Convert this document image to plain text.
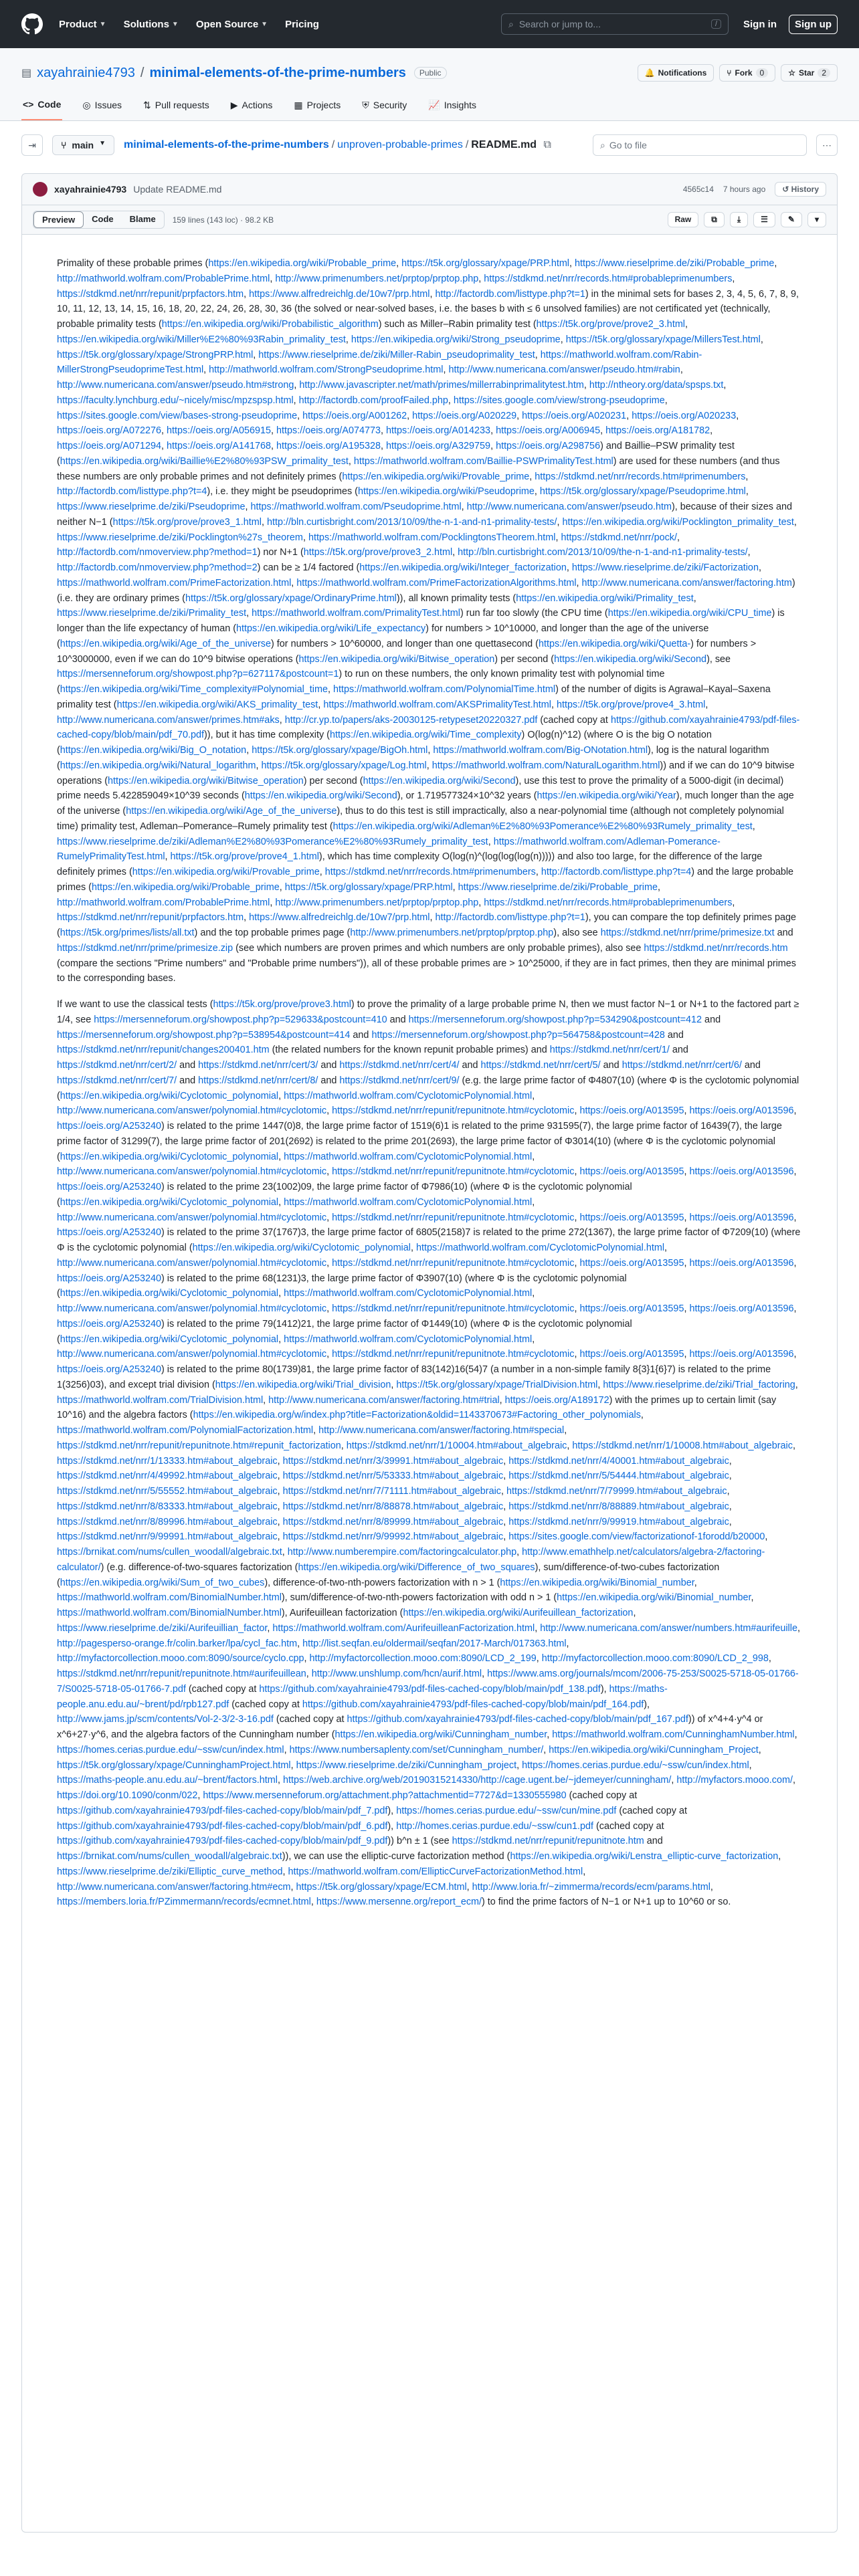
Product ▼ Solutions ▼ Open Source ▼ Pricing	⌕ Search or jump to...	/	Sign in	Sign up
▤ xayahrainie4793 / minimal-elements-of-the-prime-numbers	Public	🔔 Notifications	⑂ Fork 0	☆ Star 2
<> Code ◎ Issues ⇅ Pull requests ▶ Actions ▦ Projects ⛨ Security 📈 Insights
⇥	⑂ main ▼ minimal-elements-of-the-prime-numbers / unproven-probable-primes / README.md ⧉	⌕ Go to file	⋯
xayahrainie4793 Update README.md	4565c14 7 hours ago	↺ History
Preview	Code	Blame	159 lines (143 loc) · 98.2 KB	Raw	⧉	⤓	☰	✎	▾

Primality of these probable primes (https://en.wikipedia.org/wiki/Probable_prime, https://t5k.org/glossary/xpage/PRP.html, https://www.rieselprime.de/ziki/Probable_prime, http://mathworld.wolfram.com/ProbablePrime.html, http://www.primenumbers.net/prptop/prptop.php, https://stdkmd.net/nrr/records.htm#probableprimenumbers, https://stdkmd.net/nrr/repunit/prpfactors.htm, https://www.alfredreichlg.de/10w7/prp.html, http://factordb.com/listtype.php?t=1) in the minimal sets for bases 2, 3, 4, 5, 6, 7, 8, 9, 10, 11, 12, 13, 14, 15, 16, 18, 20, 22, 24, 26, 28, 30, 36 (the solved or near-solved bases, i.e. the bases b with ≤ 6 unsolved families) are not certificated yet (technically, probable primality tests (https://en.wikipedia.org/wiki/Probabilistic_algorithm) such as Miller–Rabin primality test (https://t5k.org/prove/prove2_3.html, https://en.wikipedia.org/wiki/Miller%E2%80%93Rabin_primality_test, https://en.wikipedia.org/wiki/Strong_pseudoprime, https://t5k.org/glossary/xpage/MillersTest.html, https://t5k.org/glossary/xpage/StrongPRP.html, https://www.rieselprime.de/ziki/Miller-Rabin_pseudoprimality_test, https://mathworld.wolfram.com/Rabin-MillerStrongPseudoprimeTest.html, http://mathworld.wolfram.com/StrongPseudoprime.html, http://www.numericana.com/answer/pseudo.htm#rabin, http://www.numericana.com/answer/pseudo.htm#strong, http://www.javascripter.net/math/primes/millerrabinprimalitytest.htm, http://ntheory.org/data/spsps.txt, https://faculty.lynchburg.edu/~nicely/misc/mpzspsp.html, http://factordb.com/proofFailed.php, https://sites.google.com/view/strong-pseudoprime, https://sites.google.com/view/bases-strong-pseudoprime, https://oeis.org/A001262, https://oeis.org/A020229, https://oeis.org/A020231, https://oeis.org/A020233, https://oeis.org/A072276, https://oeis.org/A056915, https://oeis.org/A074773, https://oeis.org/A014233, https://oeis.org/A006945, https://oeis.org/A181782, https://oeis.org/A071294, https://oeis.org/A141768, https://oeis.org/A195328, https://oeis.org/A329759, https://oeis.org/A298756) and Baillie–PSW primality test (https://en.wikipedia.org/wiki/Baillie%E2%80%93PSW_primality_test, https://mathworld.wolfram.com/Baillie-PSWPrimalityTest.html) are used for these numbers (and thus these numbers are only probable primes and not definitely primes (https://en.wikipedia.org/wiki/Provable_prime, https://stdkmd.net/nrr/records.htm#primenumbers, http://factordb.com/listtype.php?t=4), i.e. they might be pseudoprimes (https://en.wikipedia.org/wiki/Pseudoprime, https://t5k.org/glossary/xpage/Pseudoprime.html, https://www.rieselprime.de/ziki/Pseudoprime, https://mathworld.wolfram.com/Pseudoprime.html, http://www.numericana.com/answer/pseudo.htm), because of their sizes and neither N−1 (https://t5k.org/prove/prove3_1.html, http://bln.curtisbright.com/2013/10/09/the-n-1-and-n1-primality-tests/, https://en.wikipedia.org/wiki/Pocklington_primality_test, https://www.rieselprime.de/ziki/Pocklington%27s_theorem, https://mathworld.wolfram.com/PocklingtonsTheorem.html, https://stdkmd.net/nrr/pock/, http://factordb.com/nmoverview.php?method=1) nor N+1 (https://t5k.org/prove/prove3_2.html, http://bln.curtisbright.com/2013/10/09/the-n-1-and-n1-primality-tests/, http://factordb.com/nmoverview.php?method=2) can be ≥ 1/4 factored (https://en.wikipedia.org/wiki/Integer_factorization, https://www.rieselprime.de/ziki/Factorization, https://mathworld.wolfram.com/PrimeFactorization.html, https://mathworld.wolfram.com/PrimeFactorizationAlgorithms.html, http://www.numericana.com/answer/factoring.htm) (i.e. they are ordinary primes (https://t5k.org/glossary/xpage/OrdinaryPrime.html)), all known primality tests (https://en.wikipedia.org/wiki/Primality_test, https://www.rieselprime.de/ziki/Primality_test, https://mathworld.wolfram.com/PrimalityTest.html) run far too slowly (the CPU time (https://en.wikipedia.org/wiki/CPU_time) is longer than the life expectancy of human (https://en.wikipedia.org/wiki/Life_expectancy) for numbers > 10^10000, and longer than the age of the universe (https://en.wikipedia.org/wiki/Age_of_the_universe) for numbers > 10^60000, and longer than one quettasecond (https://en.wikipedia.org/wiki/Quetta-) for numbers > 10^3000000, even if we can do 10^9 bitwise operations (https://en.wikipedia.org/wiki/Bitwise_operation) per second (https://en.wikipedia.org/wiki/Second), see https://mersenneforum.org/showpost.php?p=627117&postcount=1) to run on these numbers, the only known primality test with polynomial time (https://en.wikipedia.org/wiki/Time_complexity#Polynomial_time, https://mathworld.wolfram.com/PolynomialTime.html) of the number of digits is Agrawal–Kayal–Saxena primality test (https://en.wikipedia.org/wiki/AKS_primality_test, https://mathworld.wolfram.com/AKSPrimalityTest.html, https://t5k.org/prove/prove4_3.html, http://www.numericana.com/answer/primes.htm#aks, http://cr.yp.to/papers/aks-20030125-retypeset20220327.pdf (cached copy at https://github.com/xayahrainie4793/pdf-files-cached-copy/blob/main/pdf_70.pdf)), but it has time complexity (https://en.wikipedia.org/wiki/Time_complexity) O(log(n)^12) (where O is the big O notation (https://en.wikipedia.org/wiki/Big_O_notation, https://t5k.org/glossary/xpage/BigOh.html, https://mathworld.wolfram.com/Big-ONotation.html), log is the natural logarithm (https://en.wikipedia.org/wiki/Natural_logarithm, https://t5k.org/glossary/xpage/Log.html, https://mathworld.wolfram.com/NaturalLogarithm.html)) and if we can do 10^9 bitwise operations (https://en.wikipedia.org/wiki/Bitwise_operation) per second (https://en.wikipedia.org/wiki/Second), use this test to prove the primality of a 5000-digit (in decimal) prime needs 5.422859049×10^39 seconds (https://en.wikipedia.org/wiki/Second), or 1.719577324×10^32 years (https://en.wikipedia.org/wiki/Year), much longer than the age of the universe (https://en.wikipedia.org/wiki/Age_of_the_universe), thus to do this test is still impractically, also a near-polynomial time (although not completely polynomial time) primality test, Adleman–Pomerance–Rumely primality test (https://en.wikipedia.org/wiki/Adleman%E2%80%93Pomerance%E2%80%93Rumely_primality_test, https://www.rieselprime.de/ziki/Adleman%E2%80%93Pomerance%E2%80%93Rumely_primality_test, https://mathworld.wolfram.com/Adleman-Pomerance-RumelyPrimalityTest.html, https://t5k.org/prove/prove4_1.html), which has time complexity O(log(n)^(log(log(log(n))))) and also too large, for the difference of the large definitely primes (https://en.wikipedia.org/wiki/Provable_prime, https://stdkmd.net/nrr/records.htm#primenumbers, http://factordb.com/listtype.php?t=4) and the large probable primes (https://en.wikipedia.org/wiki/Probable_prime, https://t5k.org/glossary/xpage/PRP.html, https://www.rieselprime.de/ziki/Probable_prime, http://mathworld.wolfram.com/ProbablePrime.html, http://www.primenumbers.net/prptop/prptop.php, https://stdkmd.net/nrr/records.htm#probableprimenumbers, https://stdkmd.net/nrr/repunit/prpfactors.htm, https://www.alfredreichlg.de/10w7/prp.html, http://factordb.com/listtype.php?t=1), you can compare the top definitely primes page (https://t5k.org/primes/lists/all.txt) and the top probable primes page (http://www.primenumbers.net/prptop/prptop.php), also see https://stdkmd.net/nrr/prime/primesize.txt and https://stdkmd.net/nrr/prime/primesize.zip (see which numbers are proven primes and which numbers are only probable primes), also see https://stdkmd.net/nrr/records.htm (compare the sections "Prime numbers" and "Probable prime numbers")), all of these probable primes are > 10^25000, if they are in fact primes, then they are minimal primes to the corresponding bases.

If we want to use the classical tests (https://t5k.org/prove/prove3.html) to prove the primality of a large probable prime N, then we must factor N−1 or N+1 to the factored part ≥ 1/4, see https://mersenneforum.org/showpost.php?p=529633&postcount=410 and https://mersenneforum.org/showpost.php?p=534290&postcount=412 and https://mersenneforum.org/showpost.php?p=538954&postcount=414 and https://mersenneforum.org/showpost.php?p=564758&postcount=428 and https://stdkmd.net/nrr/repunit/changes200401.htm (the related numbers for the known repunit probable primes) and https://stdkmd.net/nrr/cert/1/ and https://stdkmd.net/nrr/cert/2/ and https://stdkmd.net/nrr/cert/3/ and https://stdkmd.net/nrr/cert/4/ and https://stdkmd.net/nrr/cert/5/ and https://stdkmd.net/nrr/cert/6/ and https://stdkmd.net/nrr/cert/7/ and https://stdkmd.net/nrr/cert/8/ and https://stdkmd.net/nrr/cert/9/ (e.g. the large prime factor of Φ4807(10) (where Φ is the cyclotomic polynomial (https://en.wikipedia.org/wiki/Cyclotomic_polynomial, https://mathworld.wolfram.com/CyclotomicPolynomial.html, http://www.numericana.com/answer/polynomial.htm#cyclotomic, https://stdkmd.net/nrr/repunit/repunitnote.htm#cyclotomic, https://oeis.org/A013595, https://oeis.org/A013596, https://oeis.org/A253240) is related to the prime 1447(0)8, the large prime factor of 1519(6)1 is related to the prime 931595(7), the large prime factor of 16439(7), the large prime factor of 31299(7), the large prime factor of 201(2692) is related to the prime 201(2693), the large prime factor of Φ3014(10) (where Φ is the cyclotomic polynomial (https://en.wikipedia.org/wiki/Cyclotomic_polynomial, https://mathworld.wolfram.com/CyclotomicPolynomial.html, http://www.numericana.com/answer/polynomial.htm#cyclotomic, https://stdkmd.net/nrr/repunit/repunitnote.htm#cyclotomic, https://oeis.org/A013595, https://oeis.org/A013596, https://oeis.org/A253240) is related to the prime 23(1002)09, the large prime factor of Φ7986(10) (where Φ is the cyclotomic polynomial (https://en.wikipedia.org/wiki/Cyclotomic_polynomial, https://mathworld.wolfram.com/CyclotomicPolynomial.html, http://www.numericana.com/answer/polynomial.htm#cyclotomic, https://stdkmd.net/nrr/repunit/repunitnote.htm#cyclotomic, https://oeis.org/A013595, https://oeis.org/A013596, https://oeis.org/A253240) is related to the prime 37(1767)3, the large prime factor of 6805(2158)7 is related to the prime 272(1367), the large prime factor of Φ7209(10) (where Φ is the cyclotomic polynomial (https://en.wikipedia.org/wiki/Cyclotomic_polynomial, https://mathworld.wolfram.com/CyclotomicPolynomial.html, http://www.numericana.com/answer/polynomial.htm#cyclotomic, https://stdkmd.net/nrr/repunit/repunitnote.htm#cyclotomic, https://oeis.org/A013595, https://oeis.org/A013596, https://oeis.org/A253240) is related to the prime 68(1231)3, the large prime factor of Φ3907(10) (where Φ is the cyclotomic polynomial (https://en.wikipedia.org/wiki/Cyclotomic_polynomial, https://mathworld.wolfram.com/CyclotomicPolynomial.html, http://www.numericana.com/answer/polynomial.htm#cyclotomic, https://stdkmd.net/nrr/repunit/repunitnote.htm#cyclotomic, https://oeis.org/A013595, https://oeis.org/A013596, https://oeis.org/A253240) is related to the prime 79(1412)21, the large prime factor of Φ1449(10) (where Φ is the cyclotomic polynomial (https://en.wikipedia.org/wiki/Cyclotomic_polynomial, https://mathworld.wolfram.com/CyclotomicPolynomial.html, http://www.numericana.com/answer/polynomial.htm#cyclotomic, https://stdkmd.net/nrr/repunit/repunitnote.htm#cyclotomic, https://oeis.org/A013595, https://oeis.org/A013596, https://oeis.org/A253240) is related to the prime 80(1739)81, the large prime factor of 83(142)16(54)7 (a number in a non-simple family 8{3}1{6}7) is related to the prime 1(3256)03), and except trial division (https://en.wikipedia.org/wiki/Trial_division, https://t5k.org/glossary/xpage/TrialDivision.html, https://www.rieselprime.de/ziki/Trial_factoring, https://mathworld.wolfram.com/TrialDivision.html, http://www.numericana.com/answer/factoring.htm#trial, https://oeis.org/A189172) with the primes up to certain limit (say 10^16) and the algebra factors (https://en.wikipedia.org/w/index.php?title=Factorization&oldid=1143370673#Factoring_other_polynomials, https://mathworld.wolfram.com/PolynomialFactorization.html, http://www.numericana.com/answer/factoring.htm#special, https://stdkmd.net/nrr/repunit/repunitnote.htm#repunit_factorization, https://stdkmd.net/nrr/1/10004.htm#about_algebraic, https://stdkmd.net/nrr/1/10008.htm#about_algebraic, https://stdkmd.net/nrr/1/13333.htm#about_algebraic, https://stdkmd.net/nrr/3/39991.htm#about_algebraic, https://stdkmd.net/nrr/4/40001.htm#about_algebraic, https://stdkmd.net/nrr/4/49992.htm#about_algebraic, https://stdkmd.net/nrr/5/53333.htm#about_algebraic, https://stdkmd.net/nrr/5/54444.htm#about_algebraic, https://stdkmd.net/nrr/5/55552.htm#about_algebraic, https://stdkmd.net/nrr/7/71111.htm#about_algebraic, https://stdkmd.net/nrr/7/79999.htm#about_algebraic, https://stdkmd.net/nrr/8/83333.htm#about_algebraic, https://stdkmd.net/nrr/8/88878.htm#about_algebraic, https://stdkmd.net/nrr/8/88889.htm#about_algebraic, https://stdkmd.net/nrr/8/89996.htm#about_algebraic, https://stdkmd.net/nrr/8/89999.htm#about_algebraic, https://stdkmd.net/nrr/9/99919.htm#about_algebraic, https://stdkmd.net/nrr/9/99991.htm#about_algebraic, https://stdkmd.net/nrr/9/99992.htm#about_algebraic, https://sites.google.com/view/factorizationof-1forodd/b20000, https://brnikat.com/nums/cullen_woodall/algebraic.txt, http://www.numberempire.com/factoringcalculator.php, http://www.emathhelp.net/calculators/algebra-2/factoring-calculator/) (e.g. difference-of-two-squares factorization (https://en.wikipedia.org/wiki/Difference_of_two_squares), sum/difference-of-two-cubes factorization (https://en.wikipedia.org/wiki/Sum_of_two_cubes), difference-of-two-nth-powers factorization with n > 1 (https://en.wikipedia.org/wiki/Binomial_number, https://mathworld.wolfram.com/BinomialNumber.html), sum/difference-of-two-nth-powers factorization with odd n > 1 (https://en.wikipedia.org/wiki/Binomial_number, https://mathworld.wolfram.com/BinomialNumber.html), Aurifeuillean factorization (https://en.wikipedia.org/wiki/Aurifeuillean_factorization, https://www.rieselprime.de/ziki/Aurifeuillian_factor, https://mathworld.wolfram.com/AurifeuilleanFactorization.html, http://www.numericana.com/answer/numbers.htm#aurifeuille, http://pagesperso-orange.fr/colin.barker/lpa/cycl_fac.htm, http://list.seqfan.eu/oldermail/seqfan/2017-March/017363.html, http://myfactorcollection.mooo.com:8090/source/cyclo.cpp, http://myfactorcollection.mooo.com:8090/LCD_2_199, http://myfactorcollection.mooo.com:8090/LCD_2_998, https://stdkmd.net/nrr/repunit/repunitnote.htm#aurifeuillean, http://www.unshlump.com/hcn/aurif.html, https://www.ams.org/journals/mcom/2006-75-253/S0025-5718-05-01766-7/S0025-5718-05-01766-7.pdf (cached copy at https://github.com/xayahrainie4793/pdf-files-cached-copy/blob/main/pdf_138.pdf), https://maths-people.anu.edu.au/~brent/pd/rpb127.pdf (cached copy at https://github.com/xayahrainie4793/pdf-files-cached-copy/blob/main/pdf_164.pdf), http://www.jams.jp/scm/contents/Vol-2-3/2-3-16.pdf (cached copy at https://github.com/xayahrainie4793/pdf-files-cached-copy/blob/main/pdf_167.pdf)) of x^4+4·y^4 or x^6+27·y^6, and the algebra factors of the Cunningham number (https://en.wikipedia.org/wiki/Cunningham_number, https://mathworld.wolfram.com/CunninghamNumber.html, https://homes.cerias.purdue.edu/~ssw/cun/index.html, https://www.numbersaplenty.com/set/Cunningham_number/, https://en.wikipedia.org/wiki/Cunningham_Project, https://t5k.org/glossary/xpage/CunninghamProject.html, https://www.rieselprime.de/ziki/Cunningham_project, https://homes.cerias.purdue.edu/~ssw/cun/index.html, https://maths-people.anu.edu.au/~brent/factors.html, https://web.archive.org/web/20190315214330/http://cage.ugent.be/~jdemeyer/cunningham/, http://myfactors.mooo.com/, https://doi.org/10.1090/conm/022, https://www.mersenneforum.org/attachment.php?attachmentid=7727&d=1330555980 (cached copy at https://github.com/xayahrainie4793/pdf-files-cached-copy/blob/main/pdf_7.pdf), https://homes.cerias.purdue.edu/~ssw/cun/mine.pdf (cached copy at https://github.com/xayahrainie4793/pdf-files-cached-copy/blob/main/pdf_6.pdf), http://homes.cerias.purdue.edu/~ssw/cun1.pdf (cached copy at https://github.com/xayahrainie4793/pdf-files-cached-copy/blob/main/pdf_9.pdf)) b^n ± 1 (see https://stdkmd.net/nrr/repunit/repunitnote.htm and https://brnikat.com/nums/cullen_woodall/algebraic.txt)), we can use the elliptic-curve factorization method (https://en.wikipedia.org/wiki/Lenstra_elliptic-curve_factorization, https://www.rieselprime.de/ziki/Elliptic_curve_method, https://mathworld.wolfram.com/EllipticCurveFactorizationMethod.html, http://www.numericana.com/answer/factoring.htm#ecm, https://t5k.org/glossary/xpage/ECM.html, http://www.loria.fr/~zimmerma/records/ecm/params.html, https://members.loria.fr/PZimmermann/records/ecmnet.html, https://www.mersenne.org/report_ecm/) to find the prime factors of N−1 or N+1 up to 10^60 or so.
